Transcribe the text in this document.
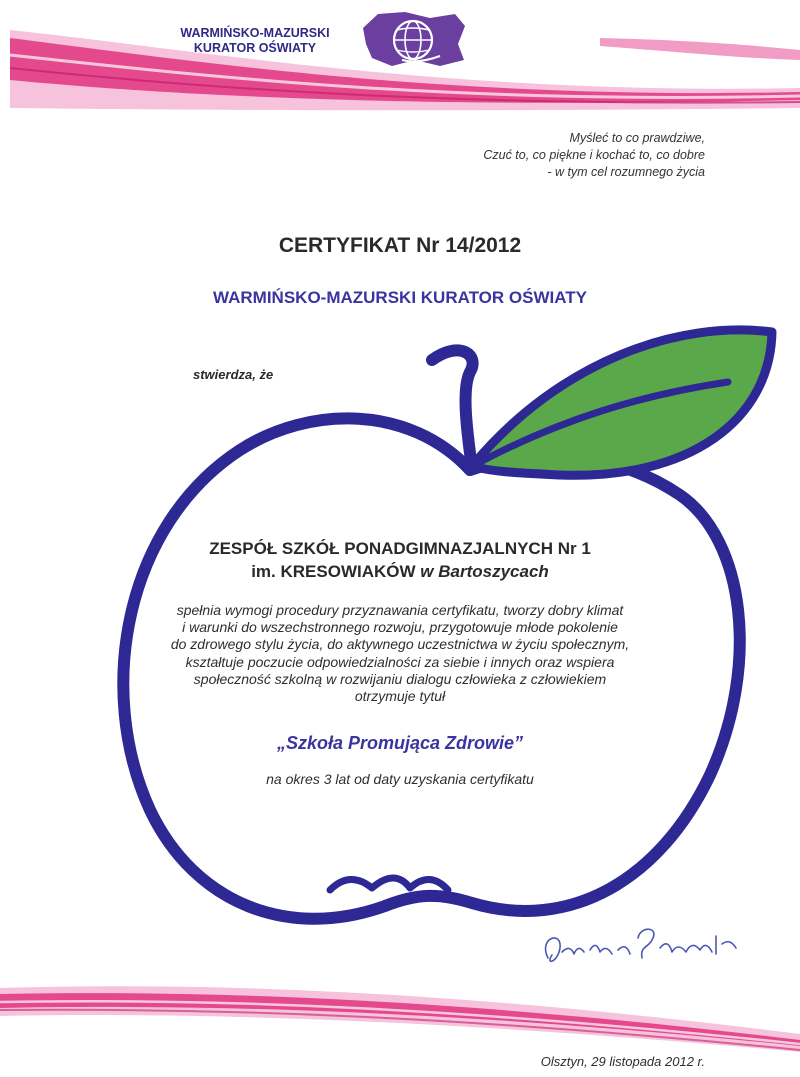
WARMIŃSKO-MAZURSKI
KURATOR OŚWIATY
Myśleć to co prawdziwe,
Czuć to, co piękne i kochać to, co dobre
- w tym cel rozumnego życia
CERTYFIKAT Nr 14/2012
WARMIŃSKO-MAZURSKI KURATOR OŚWIATY
stwierdza, że
ZESPÓŁ SZKÓŁ PONADGIMNAZJALNYCH Nr 1
im. KRESOWIAKÓW w Bartoszycach
spełnia wymogi procedury przyznawania certyfikatu, tworzy dobry klimat
i warunki do wszechstronnego rozwoju, przygotowuje młode pokolenie
do zdrowego stylu życia, do aktywnego uczestnictwa w życiu społecznym,
kształtuje poczucie odpowiedzialności za siebie i innych oraz wspiera
społeczność szkolną w rozwijaniu dialogu człowieka z człowiekiem
otrzymuje tytuł
„Szkoła Promująca Zdrowie”
na okres 3 lat od daty uzyskania certyfikatu
Olsztyn, 29 listopada 2012 r.
